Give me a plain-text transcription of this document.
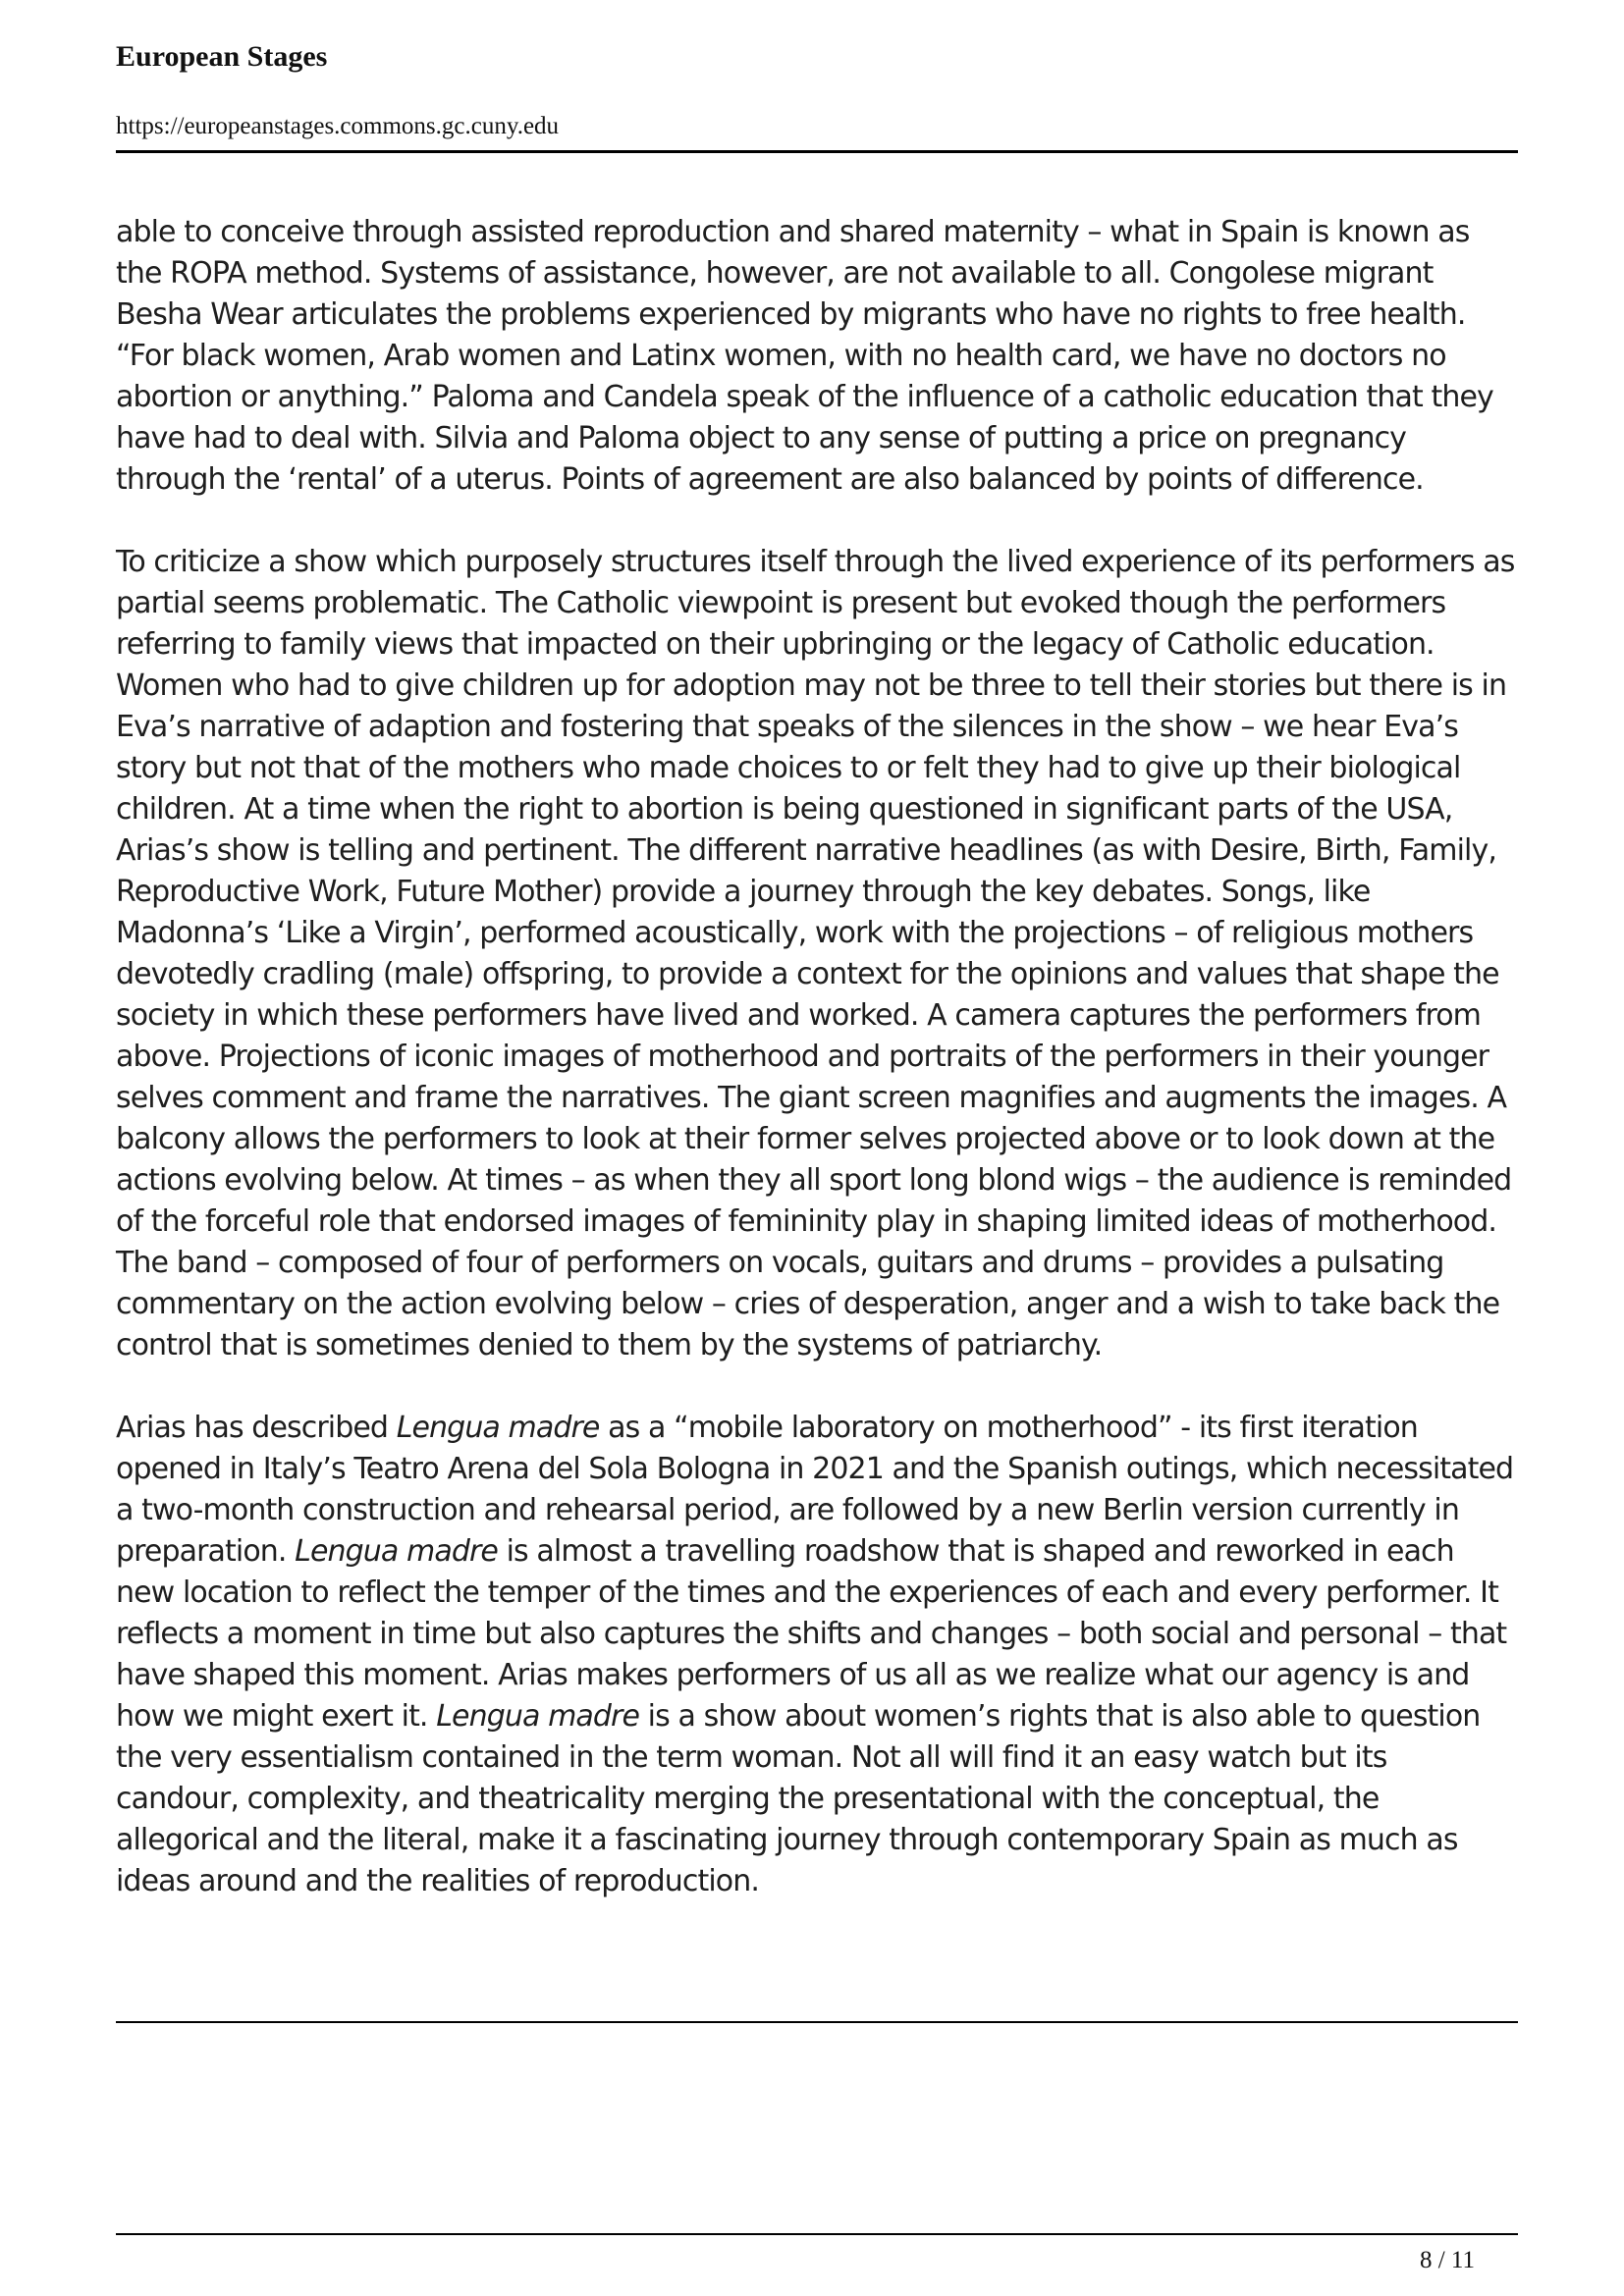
European Stages
https://europeanstages.commons.gc.cuny.edu

able to conceive through assisted reproduction and shared maternity – what in Spain is known as the ROPA method. Systems of assistance, however, are not available to all. Congolese migrant Besha Wear articulates the problems experienced by migrants who have no rights to free health. “For black women, Arab women and Latinx women, with no health card, we have no doctors no abortion or anything.” Paloma and Candela speak of the influence of a catholic education that they have had to deal with. Silvia and Paloma object to any sense of putting a price on pregnancy through the ‘rental’ of a uterus. Points of agreement are also balanced by points of difference.

To criticize a show which purposely structures itself through the lived experience of its performers as partial seems problematic. The Catholic viewpoint is present but evoked though the performers referring to family views that impacted on their upbringing or the legacy of Catholic education. Women who had to give children up for adoption may not be three to tell their stories but there is in Eva’s narrative of adaption and fostering that speaks of the silences in the show – we hear Eva’s story but not that of the mothers who made choices to or felt they had to give up their biological children. At a time when the right to abortion is being questioned in significant parts of the USA, Arias’s show is telling and pertinent. The different narrative headlines (as with Desire, Birth, Family, Reproductive Work, Future Mother) provide a journey through the key debates. Songs, like Madonna’s ‘Like a Virgin’, performed acoustically, work with the projections – of religious mothers devotedly cradling (male) offspring, to provide a context for the opinions and values that shape the society in which these performers have lived and worked. A camera captures the performers from above. Projections of iconic images of motherhood and portraits of the performers in their younger selves comment and frame the narratives. The giant screen magnifies and augments the images. A balcony allows the performers to look at their former selves projected above or to look down at the actions evolving below. At times – as when they all sport long blond wigs – the audience is reminded of the forceful role that endorsed images of femininity play in shaping limited ideas of motherhood. The band – composed of four of performers on vocals, guitars and drums – provides a pulsating commentary on the action evolving below – cries of desperation, anger and a wish to take back the control that is sometimes denied to them by the systems of patriarchy.

Arias has described Lengua madre as a “mobile laboratory on motherhood” - its first iteration opened in Italy’s Teatro Arena del Sola Bologna in 2021 and the Spanish outings, which necessitated a two-month construction and rehearsal period, are followed by a new Berlin version currently in preparation. Lengua madre is almost a travelling roadshow that is shaped and reworked in each new location to reflect the temper of the times and the experiences of each and every performer. It reflects a moment in time but also captures the shifts and changes – both social and personal – that have shaped this moment. Arias makes performers of us all as we realize what our agency is and how we might exert it. Lengua madre is a show about women’s rights that is also able to question the very essentialism contained in the term woman. Not all will find it an easy watch but its candour, complexity, and theatricality merging the presentational with the conceptual, the allegorical and the literal, make it a fascinating journey through contemporary Spain as much as ideas around and the realities of reproduction.

8 / 11
